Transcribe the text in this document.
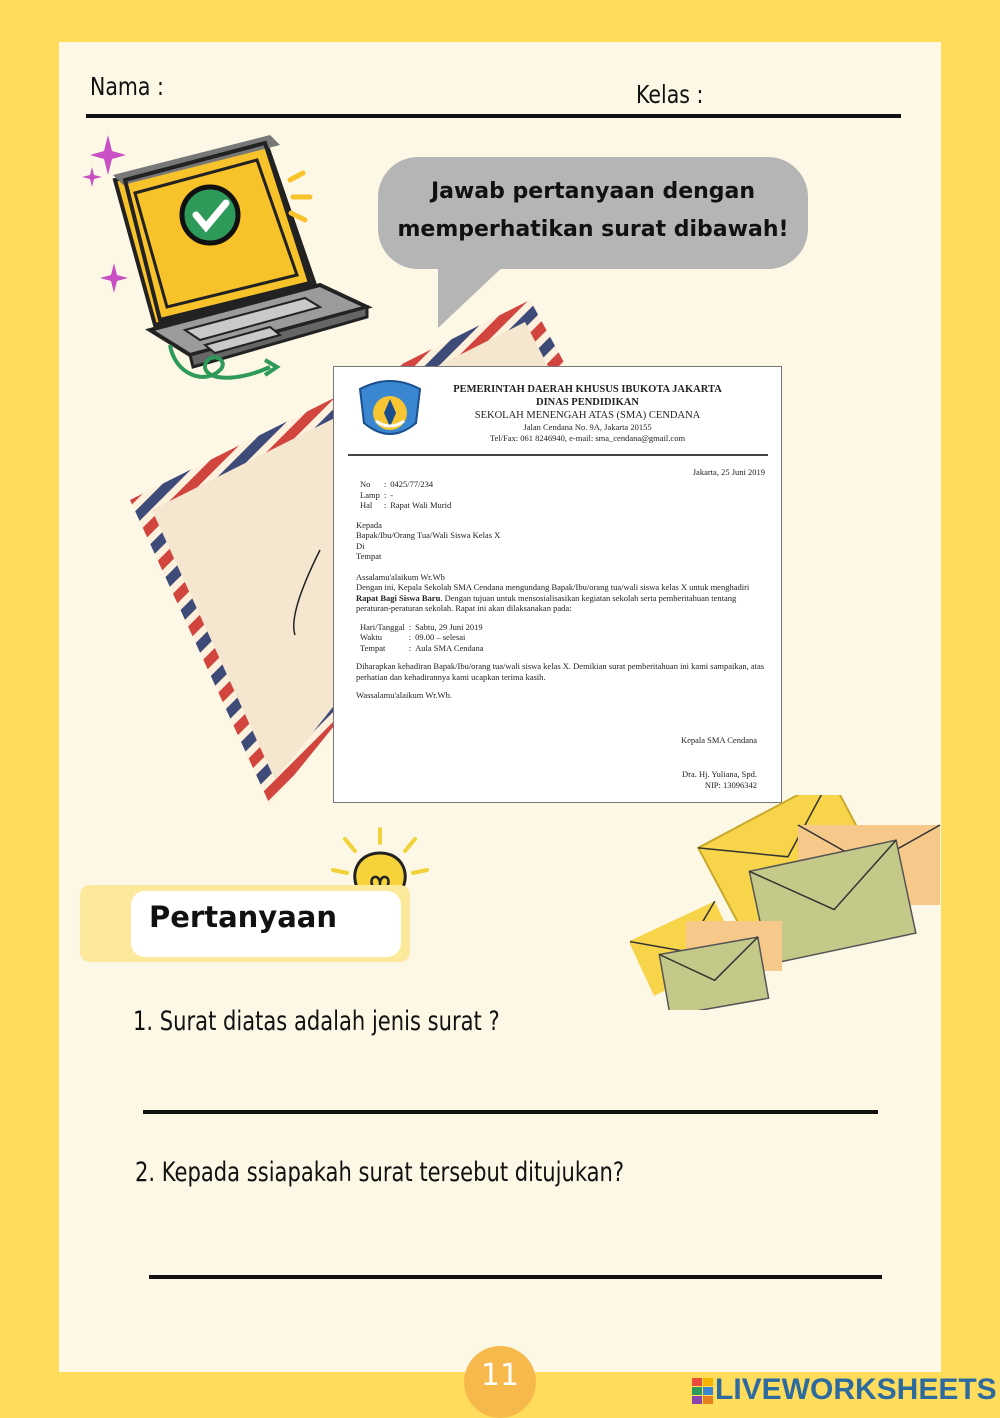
Nama :	Kelas :
Jawab pertanyaan dengan
memperhatikan surat dibawah!
PEMERINTAH DAERAH KHUSUS IBUKOTA JAKARTA
DINAS PENDIDIKAN
SEKOLAH MENENGAH ATAS (SMA) CENDANA
Jalan Cendana No. 9A, Jakarta 20155
Tel/Fax: 061 8246940, e-mail: sma_cendana@gmail.com
Jakarta, 25 Juni 2019
No	:	0425/77/234
Lamp	:	-
Hal	:	Rapat Wali Murid
Kepada
Bapak/Ibu/Orang Tua/Wali Siswa Kelas X
Di
Tempat
Assalamu'alaikum Wr.Wb
Dengan ini, Kepala Sekolah SMA Cendana mengundang Bapak/Ibu/orang tua/wali siswa kelas X untuk menghadiri Rapat Bagi Siswa Baru. Dengan tujuan untuk mensosialisasikan kegiatan sekolah serta pemberitahuan tentang peraturan-peraturan sekolah. Rapat ini akan dilaksanakan pada:
Hari/Tanggal	:	Sabtu, 29 Juni 2019
Waktu	:	09.00 – selesai
Tempat	:	Aula SMA Cendana
Diharapkan kehadiran Bapak/Ibu/orang tua/wali siswa kelas X. Demikian surat pemberitahuan ini kami sampaikan, atas perhatian dan kehadirannya kami ucapkan terima kasih.
Wassalamu'alaikum Wr.Wb.
Kepala SMA Cendana
Dra. Hj. Yuliana, Spd.
NIP: 13096342
Pertanyaan
1. Surat diatas adalah jenis surat ?
2. Kepada ssiapakah surat tersebut ditujukan?
11	LIVEWORKSHEETS
